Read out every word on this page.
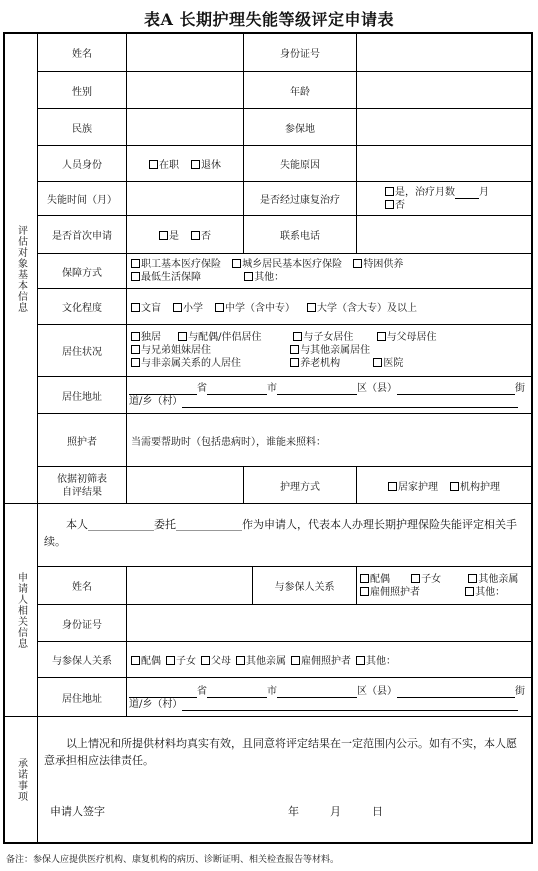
表A 长期护理失能等级评定申请表
评估对象基本信息
姓名	身份证号
性别	年龄
民族	参保地
人员身份	在职	退休	失能原因
失能时间（月）	是否经过康复治疗
是，治疗月数 月
否
是否首次申请	是	否	联系电话
保障方式
职工基本医疗保险 城乡居民基本医疗保险 特困供养
最低生活保障	其他：
文化程度	文盲	小学	中学（含中专）	大学（含大专）及以上
居住状况
独居	与配偶/伴侣居住	与子女居住	与父母居住
与兄弟姐妹居住	与其他亲属居住
与非亲属关系的人居住	养老机构	医院
居住地址
省	市	区（县）	街
道/乡（村）
照护者	当需要帮助时（包括患病时），谁能来照料：
依据初筛表
自评结果	护理方式	居家护理	机构护理
申请人相关信息
本人____________委托____________作为申请人，代表本人办理长期护理保险失能评定相关手续。
姓名	与参保人关系
配偶	子女	其他亲属
雇佣照护者	其他：
身份证号
与参保人关系	配偶	子女	父母	其他亲属	雇佣照护者	其他：
居住地址
省	市	区（县）	街
道/乡（村）
承诺事项
以上情况和所提供材料均真实有效，且同意将评定结果在一定范围内公示。如有不实，本人愿意承担相应法律责任。
申请人签字	年	月	日
备注：参保人应提供医疗机构、康复机构的病历、诊断证明、相关检查报告等材料。
